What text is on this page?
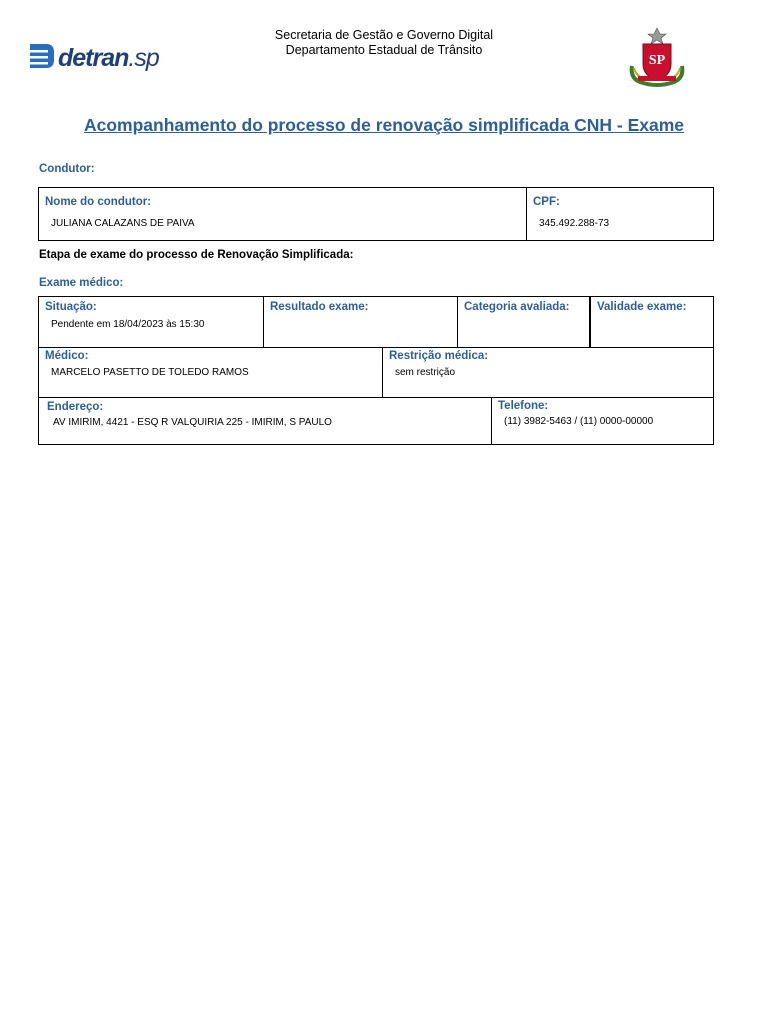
detran.sp
Secretaria de Gestão e Governo Digital
Departamento Estadual de Trânsito
SP
Acompanhamento do processo de renovação simplificada CNH - Exame
Condutor:
Nome do condutor:
JULIANA CALAZANS DE PAIVA
CPF:
345.492.288-73
Etapa de exame do processo de Renovação Simplificada:
Exame médico:
Situação:
Pendente em 18/04/2023 às 15:30
Resultado exame:	Categoria avaliada: Validade exame:
Médico:
MARCELO PASETTO DE TOLEDO RAMOS
Restrição médica:
sem restrição
Endereço:
AV IMIRIM, 4421 - ESQ R VALQUIRIA 225 - IMIRIM, S PAULO
Telefone:
(11) 3982-5463 / (11) 0000-00000
